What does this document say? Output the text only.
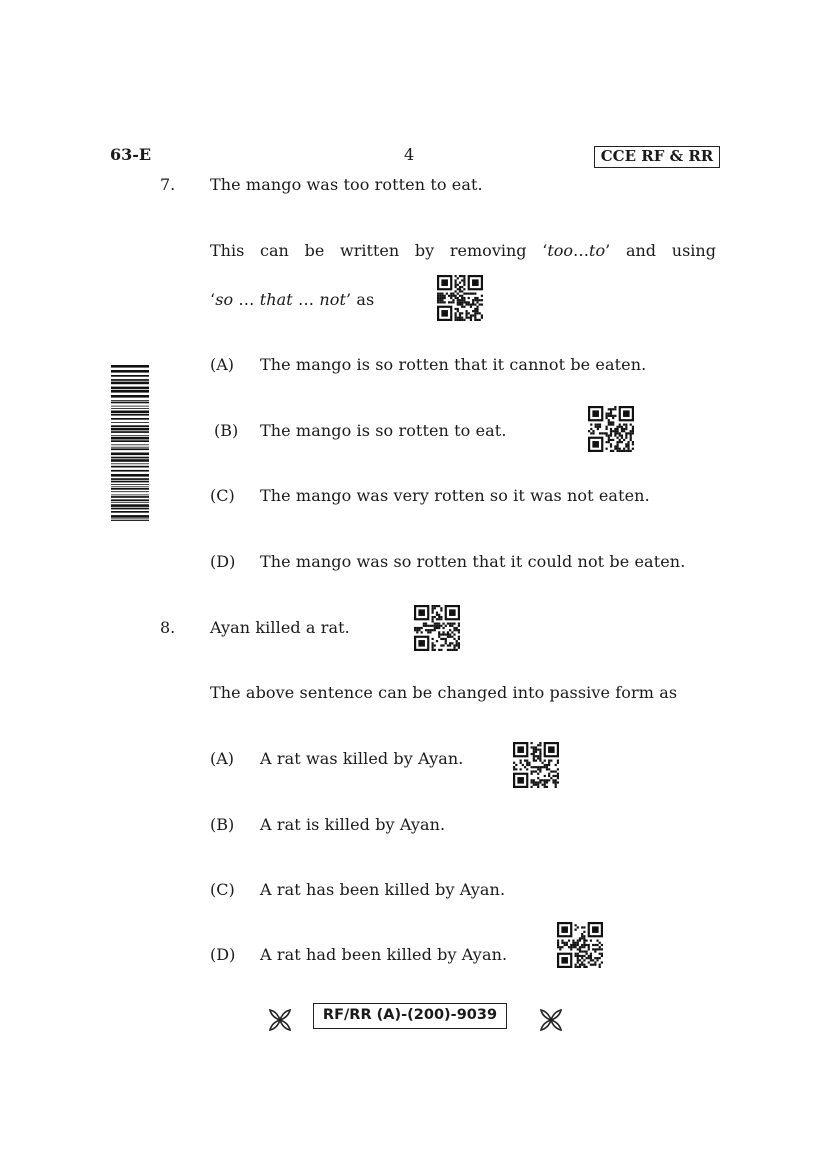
63-E	4	CCE RF & RR
7. The mango was too rotten to eat.
This can be written by removing ‘too…to’ and using
‘so … that … not’ as
(A) The mango is so rotten that it cannot be eaten.
(B) The mango is so rotten to eat.
(C) The mango was very rotten so it was not eaten.
(D) The mango was so rotten that it could not be eaten.
8. Ayan killed a rat.
The above sentence can be changed into passive form as
(A) A rat was killed by Ayan.
(B) A rat is killed by Ayan.
(C) A rat has been killed by Ayan.
(D) A rat had been killed by Ayan.
RF/RR (A)-(200)-9039
